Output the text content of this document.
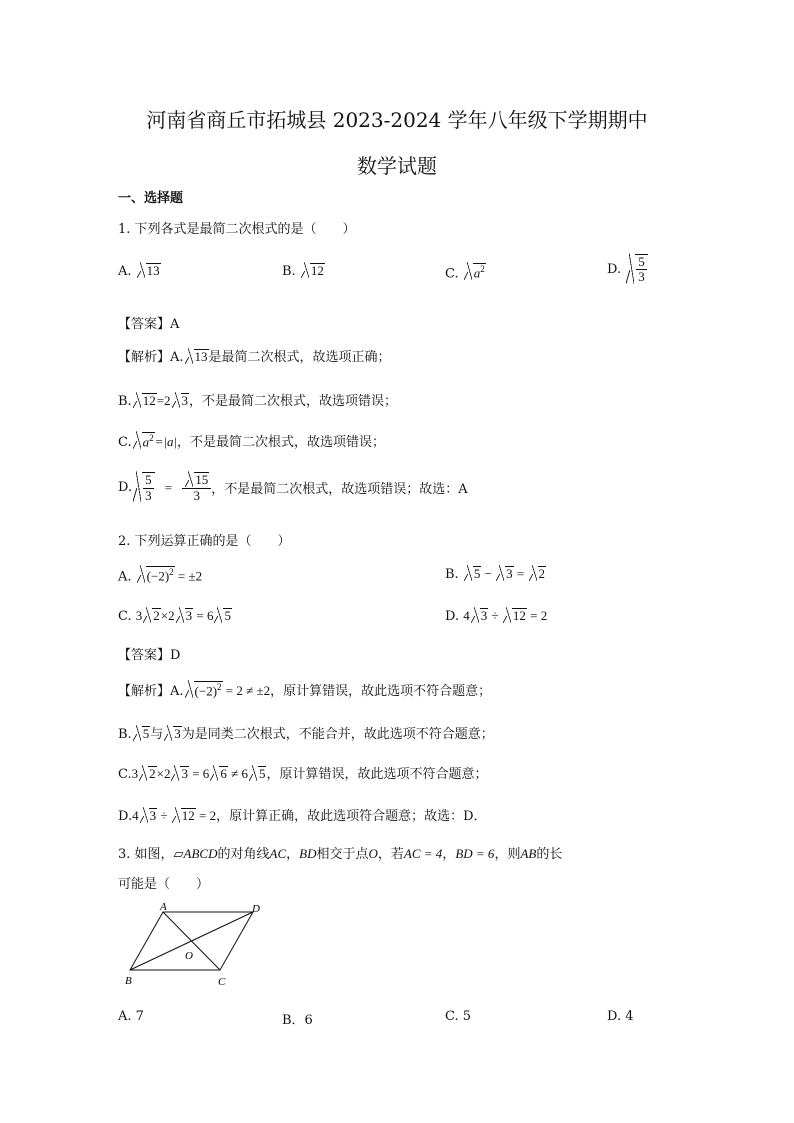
河南省商丘市拓城县 2023-2024 学年八年级下学期期中
数学试题
一、选择题
1. 下列各式是最简二次根式的是（　　）
A. 13	B. 12	C. $a^2$	D. $\frac{5}{3}$
【答案】A
【解析】A. 13是最简二次根式，故选项正确；
B. 12=2 3，不是最简二次根式，故选项错误；
C. $a^2=|a|$，不是最简二次根式，故选项错误；
D. $\frac{5}{3} = \frac{15}{3}$ ，不是最简二次根式，故选项错误；故选：A
2. 下列运算正确的是（　　）
A. $(-2)^2 = \pm 2$	B. 5 − 3 = 2
C. 3 2×2 3 = 6 5	D. 4 3 ÷ 12 = 2
【答案】D
【解析】A. $(-2)^2 = 2 \ne \pm 2$，原计算错误，故此选项不符合题意；
B. 5与 3为是同类二次根式，不能合并，故此选项不符合题意；
C.3 2×2 3 = 6 6 ≠ 6 5，原计算错误，故此选项不符合题意；
D.4 3 ÷ 12 = 2，原计算正确，故此选项符合题意；故选：D．
3. 如图，▱ABCD的对角线AC，BD相交于点O，若AC = 4，BD = 6，则AB的长
可能是（　　）
A	D
B	C
O
A. 7	B．6	C. 5	D. 4
